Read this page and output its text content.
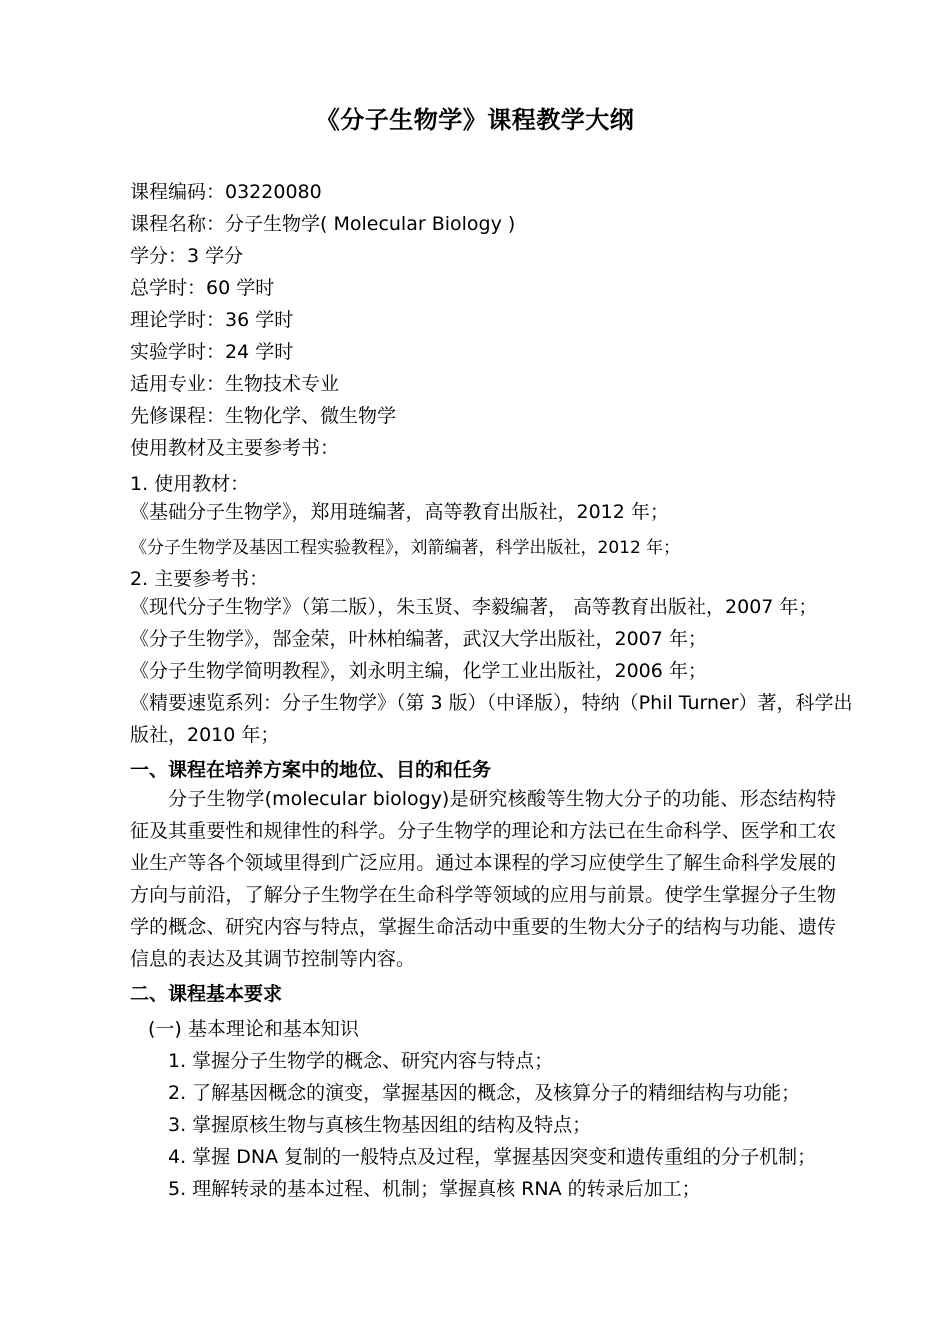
《分子生物学》课程教学大纲
课程编码：03220080
课程名称：分子生物学( Molecular Biology )
学分：3 学分
总学时：60 学时
理论学时：36 学时
实验学时：24 学时
适用专业：生物技术专业
先修课程：生物化学、微生物学
使用教材及主要参考书：
1. 使用教材：
《基础分子生物学》，郑用琏编著，高等教育出版社，2012 年；
《分子生物学及基因工程实验教程》，刘箭编著，科学出版社，2012 年；
2. 主要参考书：
《现代分子生物学》（第二版），朱玉贤、李毅编著， 高等教育出版社，2007 年；
《分子生物学》，郜金荣，叶林柏编著，武汉大学出版社，2007 年；
《分子生物学简明教程》，刘永明主编，化学工业出版社，2006 年；
《精要速览系列：分子生物学》（第 3 版）（中译版），特纳（Phil Turner）著，科学出
版社，2010 年；
一、课程在培养方案中的地位、目的和任务
分子生物学(molecular biology)是研究核酸等生物大分子的功能、形态结构特征及其重要性和规律性的科学。分子生物学的理论和方法已在生命科学、医学和工农业生产等各个领域里得到广泛应用。通过本课程的学习应使学生了解生命科学发展的方向与前沿，了解分子生物学在生命科学等领域的应用与前景。使学生掌握分子生物学的概念、研究内容与特点，掌握生命活动中重要的生物大分子的结构与功能、遗传信息的表达及其调节控制等内容。
二、课程基本要求
(一) 基本理论和基本知识
1. 掌握分子生物学的概念、研究内容与特点；
2. 了解基因概念的演变，掌握基因的概念，及核算分子的精细结构与功能；
3. 掌握原核生物与真核生物基因组的结构及特点；
4. 掌握 DNA 复制的一般特点及过程，掌握基因突变和遗传重组的分子机制；
5. 理解转录的基本过程、机制；掌握真核 RNA 的转录后加工；
